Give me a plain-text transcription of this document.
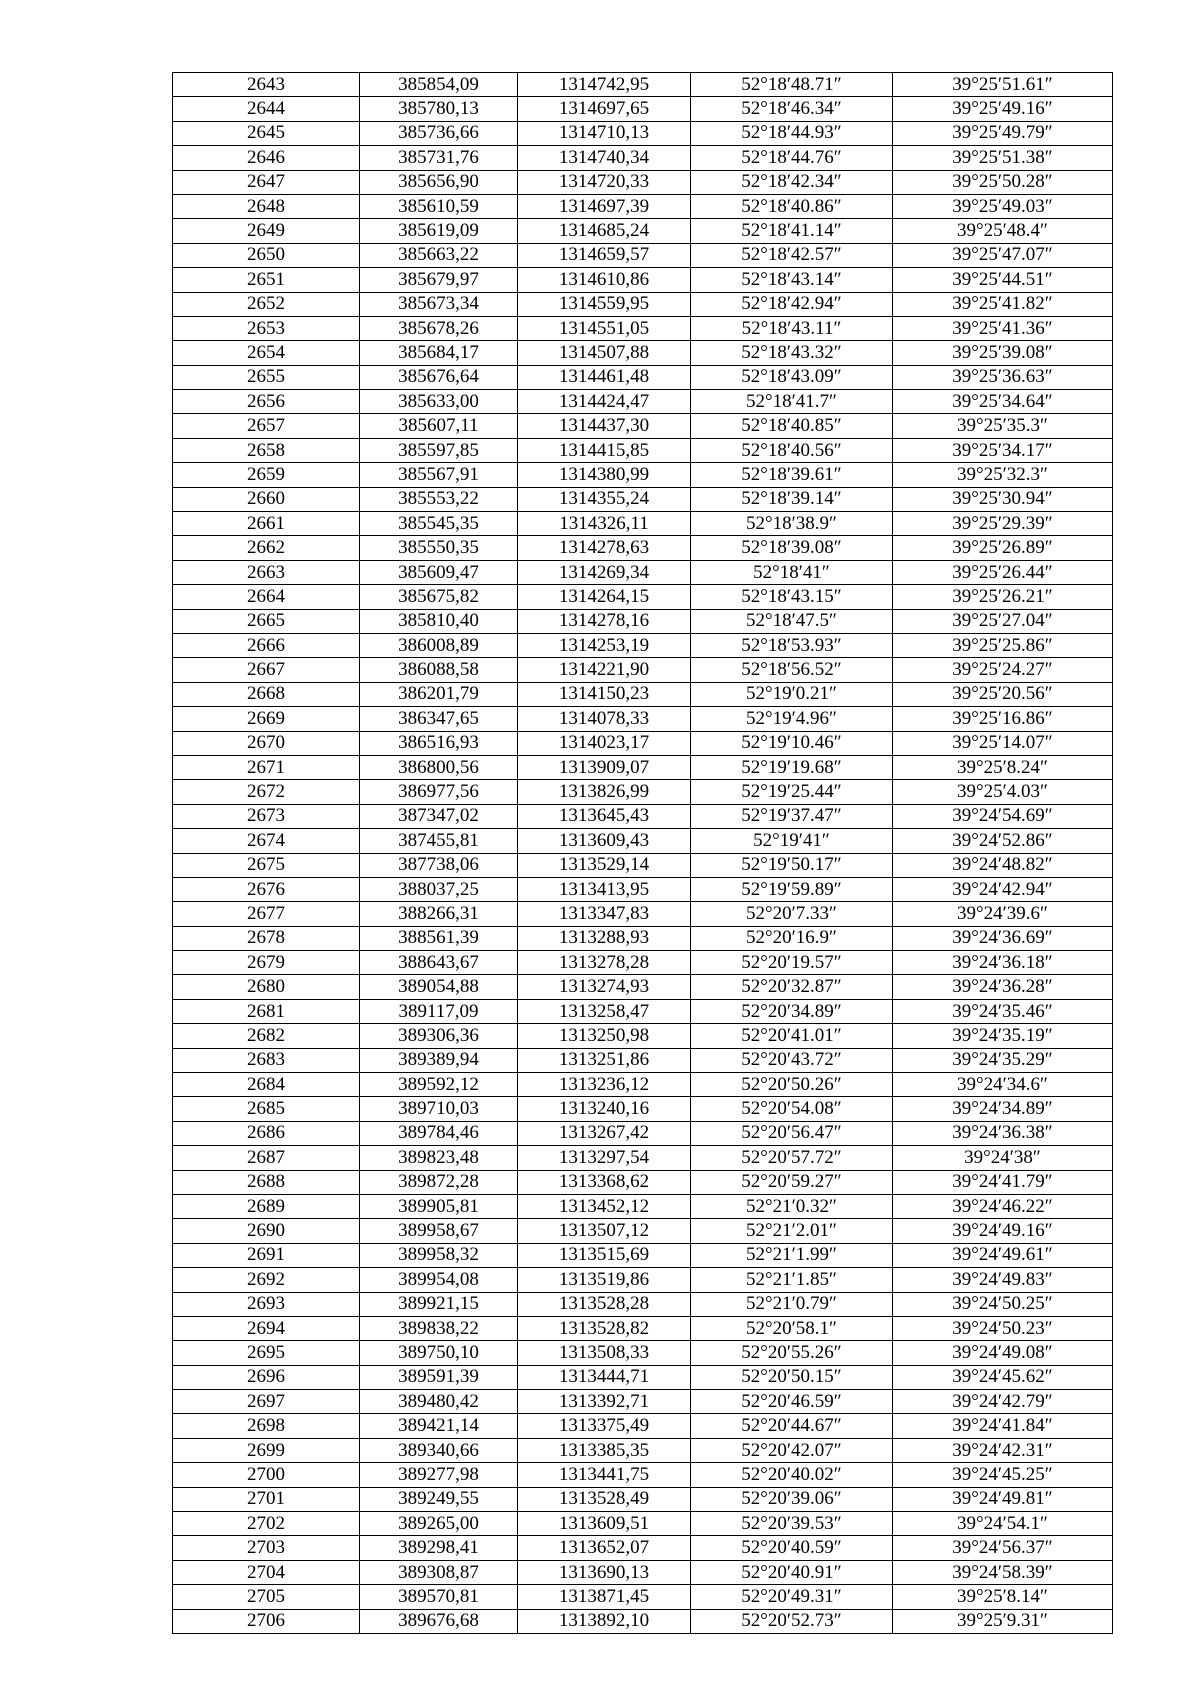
2643	385854,09	1314742,95	52°18′48.71″	39°25′51.61″
2644	385780,13	1314697,65	52°18′46.34″	39°25′49.16″
2645	385736,66	1314710,13	52°18′44.93″	39°25′49.79″
2646	385731,76	1314740,34	52°18′44.76″	39°25′51.38″
2647	385656,90	1314720,33	52°18′42.34″	39°25′50.28″
2648	385610,59	1314697,39	52°18′40.86″	39°25′49.03″
2649	385619,09	1314685,24	52°18′41.14″	39°25′48.4″
2650	385663,22	1314659,57	52°18′42.57″	39°25′47.07″
2651	385679,97	1314610,86	52°18′43.14″	39°25′44.51″
2652	385673,34	1314559,95	52°18′42.94″	39°25′41.82″
2653	385678,26	1314551,05	52°18′43.11″	39°25′41.36″
2654	385684,17	1314507,88	52°18′43.32″	39°25′39.08″
2655	385676,64	1314461,48	52°18′43.09″	39°25′36.63″
2656	385633,00	1314424,47	52°18′41.7″	39°25′34.64″
2657	385607,11	1314437,30	52°18′40.85″	39°25′35.3″
2658	385597,85	1314415,85	52°18′40.56″	39°25′34.17″
2659	385567,91	1314380,99	52°18′39.61″	39°25′32.3″
2660	385553,22	1314355,24	52°18′39.14″	39°25′30.94″
2661	385545,35	1314326,11	52°18′38.9″	39°25′29.39″
2662	385550,35	1314278,63	52°18′39.08″	39°25′26.89″
2663	385609,47	1314269,34	52°18′41″	39°25′26.44″
2664	385675,82	1314264,15	52°18′43.15″	39°25′26.21″
2665	385810,40	1314278,16	52°18′47.5″	39°25′27.04″
2666	386008,89	1314253,19	52°18′53.93″	39°25′25.86″
2667	386088,58	1314221,90	52°18′56.52″	39°25′24.27″
2668	386201,79	1314150,23	52°19′0.21″	39°25′20.56″
2669	386347,65	1314078,33	52°19′4.96″	39°25′16.86″
2670	386516,93	1314023,17	52°19′10.46″	39°25′14.07″
2671	386800,56	1313909,07	52°19′19.68″	39°25′8.24″
2672	386977,56	1313826,99	52°19′25.44″	39°25′4.03″
2673	387347,02	1313645,43	52°19′37.47″	39°24′54.69″
2674	387455,81	1313609,43	52°19′41″	39°24′52.86″
2675	387738,06	1313529,14	52°19′50.17″	39°24′48.82″
2676	388037,25	1313413,95	52°19′59.89″	39°24′42.94″
2677	388266,31	1313347,83	52°20′7.33″	39°24′39.6″
2678	388561,39	1313288,93	52°20′16.9″	39°24′36.69″
2679	388643,67	1313278,28	52°20′19.57″	39°24′36.18″
2680	389054,88	1313274,93	52°20′32.87″	39°24′36.28″
2681	389117,09	1313258,47	52°20′34.89″	39°24′35.46″
2682	389306,36	1313250,98	52°20′41.01″	39°24′35.19″
2683	389389,94	1313251,86	52°20′43.72″	39°24′35.29″
2684	389592,12	1313236,12	52°20′50.26″	39°24′34.6″
2685	389710,03	1313240,16	52°20′54.08″	39°24′34.89″
2686	389784,46	1313267,42	52°20′56.47″	39°24′36.38″
2687	389823,48	1313297,54	52°20′57.72″	39°24′38″
2688	389872,28	1313368,62	52°20′59.27″	39°24′41.79″
2689	389905,81	1313452,12	52°21′0.32″	39°24′46.22″
2690	389958,67	1313507,12	52°21′2.01″	39°24′49.16″
2691	389958,32	1313515,69	52°21′1.99″	39°24′49.61″
2692	389954,08	1313519,86	52°21′1.85″	39°24′49.83″
2693	389921,15	1313528,28	52°21′0.79″	39°24′50.25″
2694	389838,22	1313528,82	52°20′58.1″	39°24′50.23″
2695	389750,10	1313508,33	52°20′55.26″	39°24′49.08″
2696	389591,39	1313444,71	52°20′50.15″	39°24′45.62″
2697	389480,42	1313392,71	52°20′46.59″	39°24′42.79″
2698	389421,14	1313375,49	52°20′44.67″	39°24′41.84″
2699	389340,66	1313385,35	52°20′42.07″	39°24′42.31″
2700	389277,98	1313441,75	52°20′40.02″	39°24′45.25″
2701	389249,55	1313528,49	52°20′39.06″	39°24′49.81″
2702	389265,00	1313609,51	52°20′39.53″	39°24′54.1″
2703	389298,41	1313652,07	52°20′40.59″	39°24′56.37″
2704	389308,87	1313690,13	52°20′40.91″	39°24′58.39″
2705	389570,81	1313871,45	52°20′49.31″	39°25′8.14″
2706	389676,68	1313892,10	52°20′52.73″	39°25′9.31″
